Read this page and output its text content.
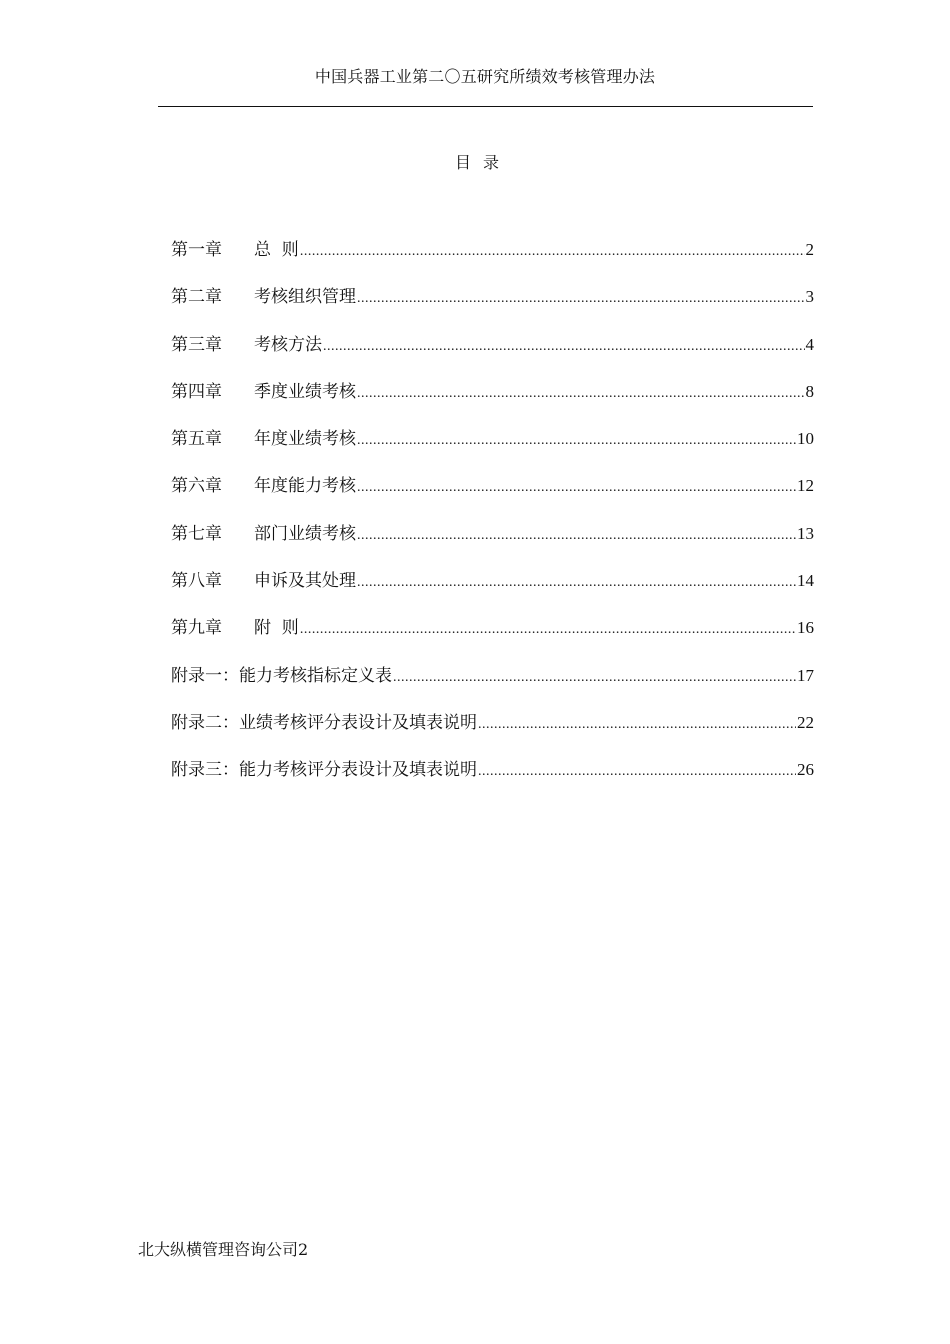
中国兵器工业第二〇五研究所绩效考核管理办法
目录
第一章 总  则 .....	2
第二章 考核组织管理 .....	3
第三章 考核方法 .....	4
第四章 季度业绩考核 .....	8
第五章 年度业绩考核 .....	10
第六章 年度能力考核 .....	12
第七章 部门业绩考核 .....	13
第八章 申诉及其处理 .....	14
第九章 附  则 .....	16
附录一：能力考核指标定义表 .....	17
附录二：业绩考核评分表设计及填表说明 .....	22
附录三：能力考核评分表设计及填表说明 .....	26
北大纵横管理咨询公司2
